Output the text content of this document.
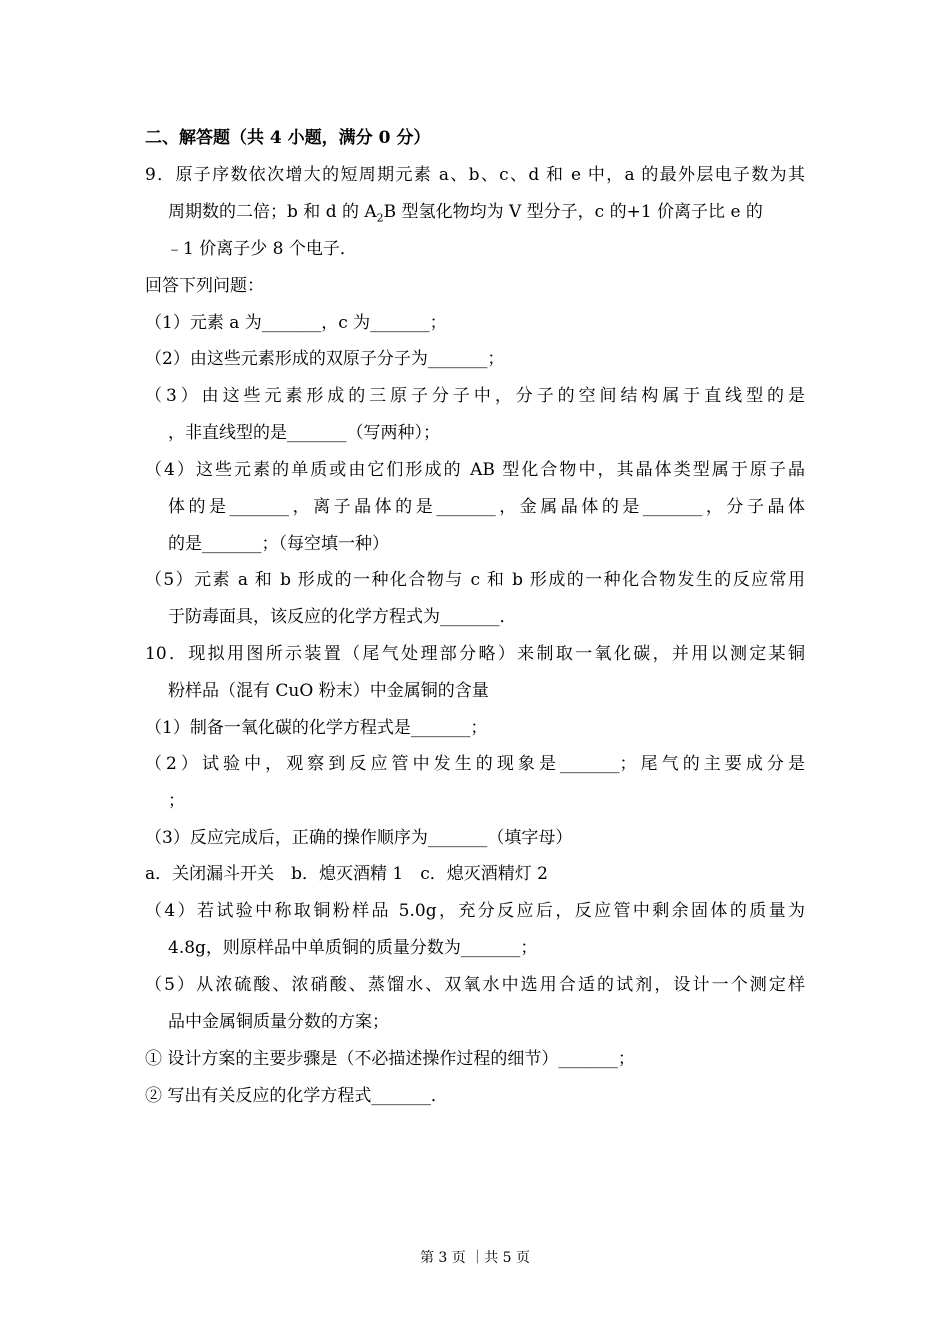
二、解答题（共 4 小题，满分 0 分）
9．原子序数依次增大的短周期元素 a、b、c、d 和 e 中，a 的最外层电子数为其
周期数的二倍；b 和 d 的 $A_2B$ 型氢化物均为 V 型分子，c 的+1 价离子比 e 的
﹣1 价离子少 8 个电子．
回答下列问题：
（1）元素 a 为_______，c 为_______；
（2）由这些元素形成的双原子分子为_______；
（3）由这些元素形成的三原子分子中，分子的空间结构属于直线型的是
，非直线型的是_______（写两种）；
（4）这些元素的单质或由它们形成的 AB 型化合物中，其晶体类型属于原子晶
体的是_______，离子晶体的是_______，金属晶体的是_______，分子晶体
的是_______；（每空填一种）
（5）元素 a 和 b 形成的一种化合物与 c 和 b 形成的一种化合物发生的反应常用
于防毒面具，该反应的化学方程式为_______．
10．现拟用图所示装置（尾气处理部分略）来制取一氧化碳，并用以测定某铜
粉样品（混有 CuO 粉末）中金属铜的含量
（1）制备一氧化碳的化学方程式是_______；
（2）试验中，观察到反应管中发生的现象是_______；尾气的主要成分是
；
（3）反应完成后，正确的操作顺序为_______（填字母）
a．关闭漏斗开关　b．熄灭酒精 1　c．熄灭酒精灯 2
（4）若试验中称取铜粉样品 5.0g，充分反应后，反应管中剩余固体的质量为
4.8g，则原样品中单质铜的质量分数为_______；
（5）从浓硫酸、浓硝酸、蒸馏水、双氧水中选用合适的试剂，设计一个测定样
品中金属铜质量分数的方案；
① 设计方案的主要步骤是（不必描述操作过程的细节）_______；
② 写出有关反应的化学方程式_______．
第 3 页 ｜共 5 页
